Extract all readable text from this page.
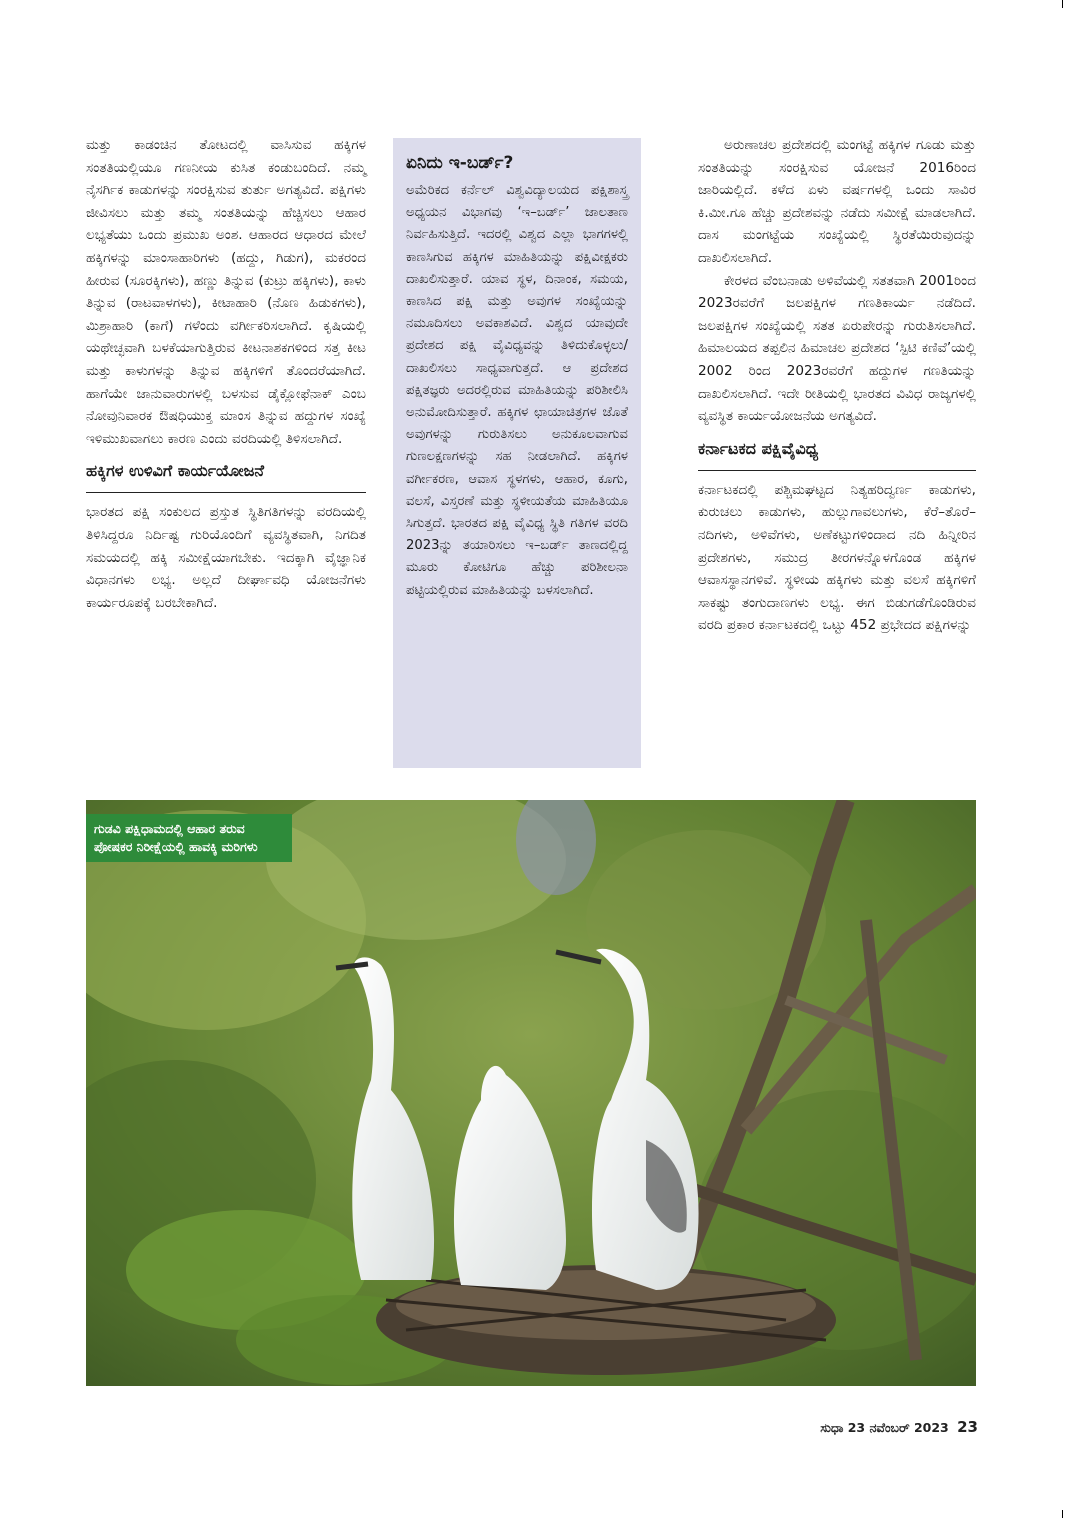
ಮತ್ತು ಕಾಡಂಚಿನ ತೋಟದಲ್ಲಿ ವಾಸಿಸುವ ಹಕ್ಕಿಗಳ ಸಂತತಿಯಲ್ಲಿಯೂ ಗಣನೀಯ ಕುಸಿತ ಕಂಡುಬಂದಿದೆ. ನಮ್ಮ ನೈಸರ್ಗಿಕ ಕಾಡುಗಳನ್ನು ಸಂರಕ್ಷಿಸುವ ತುರ್ತು ಅಗತ್ಯವಿದೆ. ಪಕ್ಷಿಗಳು ಜೀವಿಸಲು ಮತ್ತು ತಮ್ಮ ಸಂತತಿಯನ್ನು ಹೆಚ್ಚಿಸಲು ಆಹಾರ ಲಭ್ಯತೆಯು ಒಂದು ಪ್ರಮುಖ ಅಂಶ. ಆಹಾರದ ಆಧಾರದ ಮೇಲೆ ಹಕ್ಕಿಗಳನ್ನು ಮಾಂಸಾಹಾರಿಗಳು (ಹದ್ದು, ಗಿಡುಗ), ಮಕರಂದ ಹೀರುವ (ಸೂರಕ್ಕಿಗಳು), ಹಣ್ಣು ತಿನ್ನುವ (ಕುಟ್ರು ಹಕ್ಕಿಗಳು), ಕಾಳು ತಿನ್ನುವ (ರಾಟವಾಳಗಳು), ಕೀಟಾಹಾರಿ (ನೊಣ ಹಿಡುಕಗಳು), ಮಿಶ್ರಾಹಾರಿ (ಕಾಗೆ) ಗಳೆಂದು ವರ್ಗೀಕರಿಸಲಾಗಿದೆ. ಕೃಷಿಯಲ್ಲಿ ಯಥೇಚ್ಛವಾಗಿ ಬಳಕೆಯಾಗುತ್ತಿರುವ ಕೀಟನಾಶಕಗಳಿಂದ ಸತ್ತ ಕೀಟ ಮತ್ತು ಕಾಳುಗಳನ್ನು ತಿನ್ನುವ ಹಕ್ಕಿಗಳಿಗೆ ತೊಂದರೆಯಾಗಿದೆ. ಹಾಗೆಯೇ ಜಾನುವಾರುಗಳಲ್ಲಿ ಬಳಸುವ ಡೈಕ್ಲೋಫೆನಾಕ್ ಎಂಬ ನೋವುನಿವಾರಕ ಔಷಧಿಯುಕ್ತ ಮಾಂಸ ತಿನ್ನುವ ಹದ್ದುಗಳ ಸಂಖ್ಯೆ ಇಳಿಮುಖವಾಗಲು ಕಾರಣ ಎಂದು ವರದಿಯಲ್ಲಿ ತಿಳಿಸಲಾಗಿದೆ.

ಹಕ್ಕಿಗಳ ಉಳಿವಿಗೆ ಕಾರ್ಯಯೋಜನೆ

ಭಾರತದ ಪಕ್ಷಿ ಸಂಕುಲದ ಪ್ರಸ್ತುತ ಸ್ಥಿತಿಗತಿಗಳನ್ನು ವರದಿಯಲ್ಲಿ ತಿಳಿಸಿದ್ದರೂ ನಿರ್ದಿಷ್ಟ ಗುರಿಯೊಂದಿಗೆ ವ್ಯವಸ್ಥಿತವಾಗಿ, ನಿಗದಿತ ಸಮಯದಲ್ಲಿ ಹಕ್ಕಿ ಸಮೀಕ್ಷೆಯಾಗಬೇಕು. ಇದಕ್ಕಾಗಿ ವೈಜ್ಞಾನಿಕ ವಿಧಾನಗಳು ಲಭ್ಯ. ಅಲ್ಲದೆ ದೀರ್ಘಾವಧಿ ಯೋಜನೆಗಳು ಕಾರ್ಯರೂಪಕ್ಕೆ ಬರಬೇಕಾಗಿದೆ.

ಏನಿದು ಇ-ಬರ್ಡ್?

ಅಮೆರಿಕದ ಕರ್ನೆಲ್ ವಿಶ್ವವಿದ್ಯಾಲಯದ ಪಕ್ಷಿಶಾಸ್ತ್ರ ಅಧ್ಯಯನ ವಿಭಾಗವು ‘ಇ–ಬರ್ಡ್’ ಜಾಲತಾಣ ನಿರ್ವಹಿಸುತ್ತಿದೆ. ಇದರಲ್ಲಿ ವಿಶ್ವದ ಎಲ್ಲಾ ಭಾಗಗಳಲ್ಲಿ ಕಾಣಸಿಗುವ ಹಕ್ಕಿಗಳ ಮಾಹಿತಿಯನ್ನು ಪಕ್ಷಿವೀಕ್ಷಕರು ದಾಖಲಿಸುತ್ತಾರೆ. ಯಾವ ಸ್ಥಳ, ದಿನಾಂಕ, ಸಮಯ, ಕಾಣಸಿದ ಪಕ್ಷಿ ಮತ್ತು ಅವುಗಳ ಸಂಖ್ಯೆಯನ್ನು ನಮೂದಿಸಲು ಅವಕಾಶವಿದೆ. ವಿಶ್ವದ ಯಾವುದೇ ಪ್ರದೇಶದ ಪಕ್ಷಿ ವೈವಿಧ್ಯವನ್ನು ತಿಳಿದುಕೊಳ್ಳಲು/ದಾಖಲಿಸಲು ಸಾಧ್ಯವಾಗುತ್ತದೆ. ಆ ಪ್ರದೇಶದ ಪಕ್ಷಿತಜ್ಞರು ಅದರಲ್ಲಿರುವ ಮಾಹಿತಿಯನ್ನು ಪರಿಶೀಲಿಸಿ ಅನುಮೋದಿಸುತ್ತಾರೆ. ಹಕ್ಕಿಗಳ ಛಾಯಾಚಿತ್ರಗಳ ಜೊತೆ ಅವುಗಳನ್ನು ಗುರುತಿಸಲು ಅನುಕೂಲವಾಗುವ ಗುಣಲಕ್ಷಣಗಳನ್ನು ಸಹ ನೀಡಲಾಗಿದೆ. ಹಕ್ಕಿಗಳ ವರ್ಗೀಕರಣ, ಆವಾಸ ಸ್ಥಳಗಳು, ಆಹಾರ, ಕೂಗು, ವಲಸೆ, ವಿಸ್ತರಣೆ ಮತ್ತು ಸ್ಥಳೀಯತೆಯ ಮಾಹಿತಿಯೂ ಸಿಗುತ್ತದೆ. ಭಾರತದ ಪಕ್ಷಿ ವೈವಿಧ್ಯ ಸ್ಥಿತಿ ಗತಿಗಳ ವರದಿ 2023ನ್ನು ತಯಾರಿಸಲು ಇ–ಬರ್ಡ್ ತಾಣದಲ್ಲಿದ್ದ ಮೂರು ಕೋಟಿಗೂ ಹೆಚ್ಚು ಪರಿಶೀಲನಾ ಪಟ್ಟಿಯಲ್ಲಿರುವ ಮಾಹಿತಿಯನ್ನು ಬಳಸಲಾಗಿದೆ.

ಅರುಣಾಚಲ ಪ್ರದೇಶದಲ್ಲಿ ಮಂಗಟ್ಟೆ ಹಕ್ಕಿಗಳ ಗೂಡು ಮತ್ತು ಸಂತತಿಯನ್ನು ಸಂರಕ್ಷಿಸುವ ಯೋಜನೆ 2016ರಿಂದ ಜಾರಿಯಲ್ಲಿದೆ. ಕಳೆದ ಏಳು ವರ್ಷಗಳಲ್ಲಿ ಒಂದು ಸಾವಿರ ಕಿ.ಮೀ.ಗೂ ಹೆಚ್ಚು ಪ್ರದೇಶವನ್ನು ನಡೆದು ಸಮೀಕ್ಷೆ ಮಾಡಲಾಗಿದೆ. ದಾಸ ಮಂಗಟ್ಟೆಯ ಸಂಖ್ಯೆಯಲ್ಲಿ ಸ್ಥಿರತೆಯಿರುವುದನ್ನು ದಾಖಲಿಸಲಾಗಿದೆ.

ಕೇರಳದ ವೆಂಬನಾಡು ಅಳಿವೆಯಲ್ಲಿ ಸತತವಾಗಿ 2001ರಿಂದ 2023ರವರೆಗೆ ಜಲಪಕ್ಷಿಗಳ ಗಣತಿಕಾರ್ಯ ನಡೆದಿದೆ. ಜಲಪಕ್ಷಿಗಳ ಸಂಖ್ಯೆಯಲ್ಲಿ ಸತತ ಏರುಪೇರನ್ನು ಗುರುತಿಸಲಾಗಿದೆ. ಹಿಮಾಲಯದ ತಪ್ಪಲಿನ ಹಿಮಾಚಲ ಪ್ರದೇಶದ ‘ಸ್ಪಿಟಿ ಕಣಿವೆ’ಯಲ್ಲಿ 2002 ರಿಂದ 2023ರವರೆಗೆ ಹದ್ದುಗಳ ಗಣತಿಯನ್ನು ದಾಖಲಿಸಲಾಗಿದೆ. ಇದೇ ರೀತಿಯಲ್ಲಿ ಭಾರತದ ವಿವಿಧ ರಾಜ್ಯಗಳಲ್ಲಿ ವ್ಯವಸ್ಥಿತ ಕಾರ್ಯಯೋಜನೆಯ ಅಗತ್ಯವಿದೆ.

ಕರ್ನಾಟಕದ ಪಕ್ಷಿವೈವಿಧ್ಯ

ಕರ್ನಾಟಕದಲ್ಲಿ ಪಶ್ಚಿಮಘಟ್ಟದ ನಿತ್ಯಹರಿದ್ವರ್ಣ ಕಾಡುಗಳು, ಕುರುಚಲು ಕಾಡುಗಳು, ಹುಲ್ಲುಗಾವಲುಗಳು, ಕೆರೆ–ತೊರೆ–ನದಿಗಳು, ಅಳಿವೆಗಳು, ಅಣೆಕಟ್ಟುಗಳಿಂದಾದ ನದಿ ಹಿನ್ನೀರಿನ ಪ್ರದೇಶಗಳು, ಸಮುದ್ರ ತೀರಗಳನ್ನೊಳಗೊಂಡ ಹಕ್ಕಿಗಳ ಆವಾಸಸ್ಥಾನಗಳಿವೆ. ಸ್ಥಳೀಯ ಹಕ್ಕಿಗಳು ಮತ್ತು ವಲಸೆ ಹಕ್ಕಿಗಳಿಗೆ ಸಾಕಷ್ಟು ತಂಗುದಾಣಗಳು ಲಭ್ಯ. ಈಗ ಬಿಡುಗಡೆಗೊಂಡಿರುವ ವರದಿ ಪ್ರಕಾರ ಕರ್ನಾಟಕದಲ್ಲಿ ಒಟ್ಟು 452 ಪ್ರಭೇದದ ಪಕ್ಷಿಗಳನ್ನು

ಗುಡವಿ ಪಕ್ಷಿಧಾಮದಲ್ಲಿ ಆಹಾರ ತರುವ ಪೋಷಕರ ನಿರೀಕ್ಷೆಯಲ್ಲಿ ಹಾವಕ್ಕಿ ಮರಿಗಳು
ಸುಧಾ 23 ನವೆಂಬರ್ 2023 23
